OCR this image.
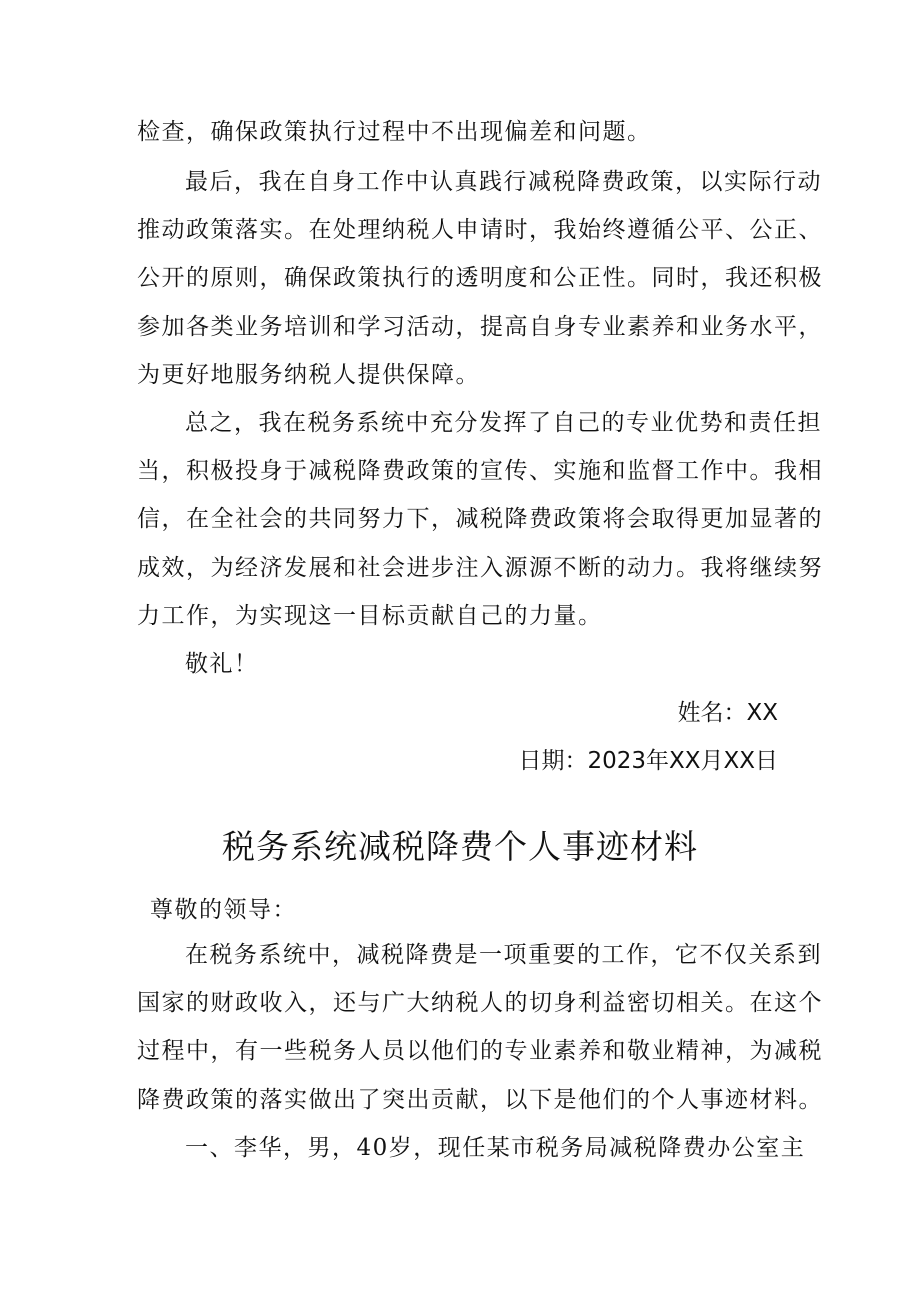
检查，确保政策执行过程中不出现偏差和问题。
最后，我在自身工作中认真践行减税降费政策，以实际行动
推动政策落实。在处理纳税人申请时，我始终遵循公平、公正、
公开的原则，确保政策执行的透明度和公正性。同时，我还积极
参加各类业务培训和学习活动，提高自身专业素养和业务水平，
为更好地服务纳税人提供保障。
总之，我在税务系统中充分发挥了自己的专业优势和责任担
当，积极投身于减税降费政策的宣传、实施和监督工作中。我相
信，在全社会的共同努力下，减税降费政策将会取得更加显著的
成效，为经济发展和社会进步注入源源不断的动力。我将继续努
力工作，为实现这一目标贡献自己的力量。
敬礼！
姓名：XX
日期：2023年XX月XX日
税务系统减税降费个人事迹材料
尊敬的领导：
在税务系统中，减税降费是一项重要的工作，它不仅关系到
国家的财政收入，还与广大纳税人的切身利益密切相关。在这个
过程中，有一些税务人员以他们的专业素养和敬业精神，为减税
降费政策的落实做出了突出贡献，以下是他们的个人事迹材料。
一、李华，男，40岁，现任某市税务局减税降费办公室主
